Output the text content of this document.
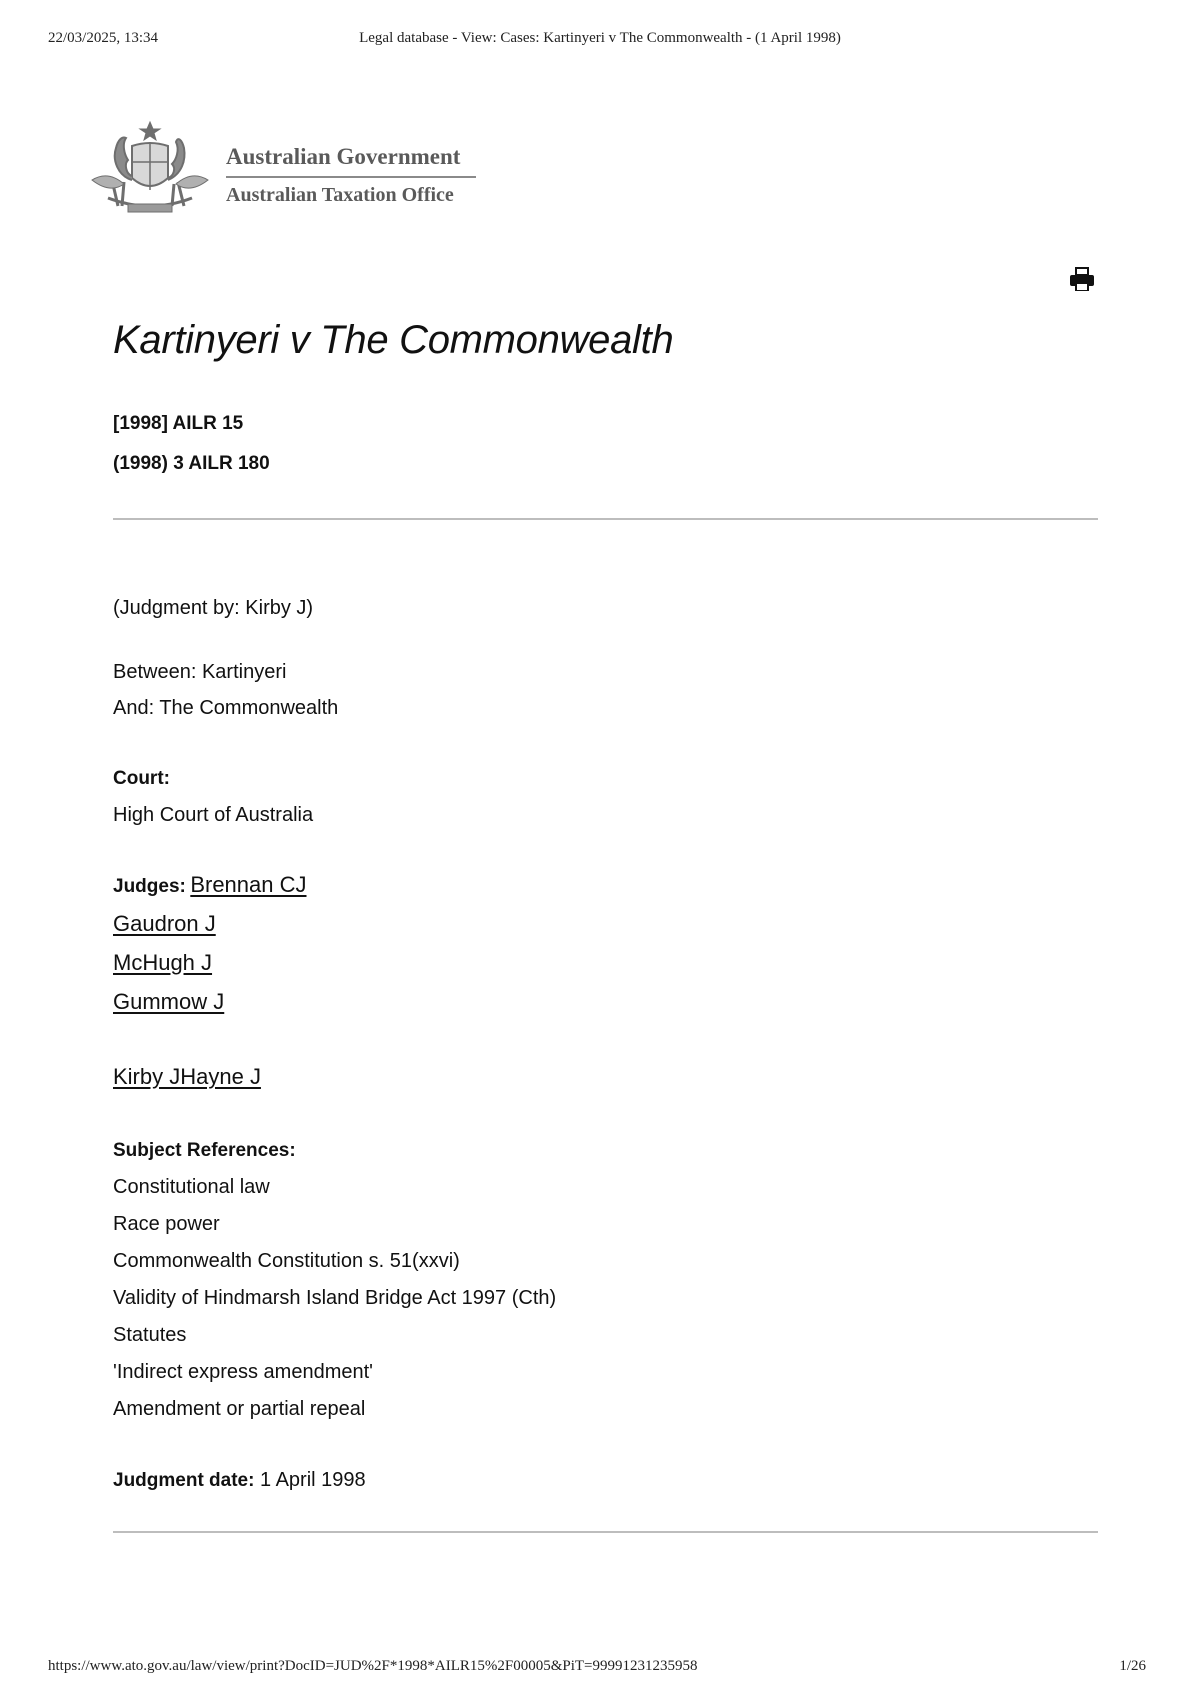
22/03/2025, 13:34	Legal database - View: Cases: Kartinyeri v The Commonwealth - (1 April 1998)
Australian Government
Australian Taxation Office
Kartinyeri v The Commonwealth
[1998] AILR 15
(1998) 3 AILR 180
(Judgment by: Kirby J)
Between: Kartinyeri
And: The Commonwealth
Court:
High Court of Australia
Judges: Brennan CJ
Gaudron J
McHugh J
Gummow J
Kirby JHayne J
Subject References:
Constitutional law
Race power
Commonwealth Constitution s. 51(xxvi)
Validity of Hindmarsh Island Bridge Act 1997 (Cth)
Statutes
'Indirect express amendment'
Amendment or partial repeal
Judgment date: 1 April 1998
https://www.ato.gov.au/law/view/print?DocID=JUD%2F*1998*AILR15%2F00005&PiT=99991231235958	1/26
